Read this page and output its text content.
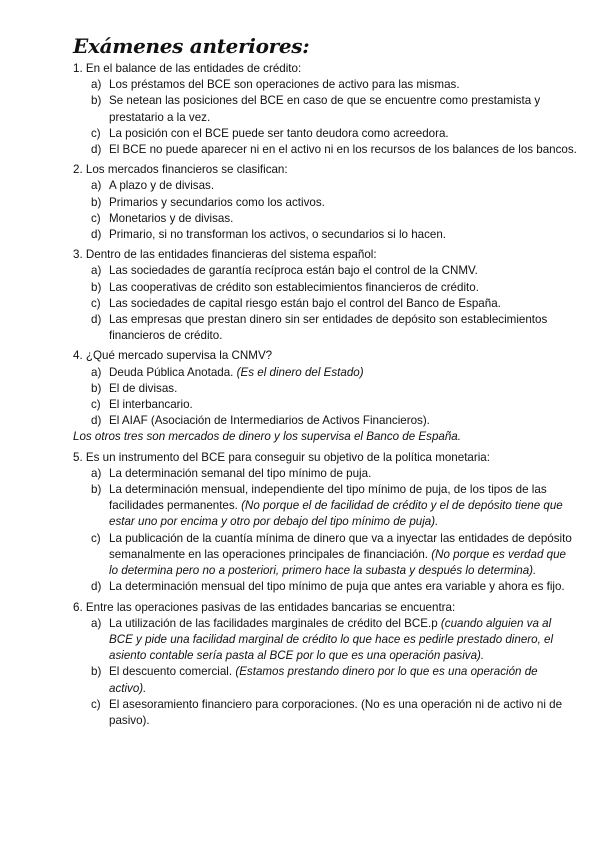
Exámenes anteriores:
1.
En el balance de las entidades de crédito:
a) Los préstamos del BCE son operaciones de activo para las mismas.
b) Se netean las posiciones del BCE en caso de que se encuentre como prestamista y prestatario a la vez.
c) La posición con el BCE puede ser tanto deudora como acreedora.
d) El BCE no puede aparecer ni en el activo ni en los recursos de los balances de los bancos.
2.
Los mercados financieros se clasifican:
a) A plazo y de divisas.
b) Primarios y secundarios como los activos.
c) Monetarios y de divisas.
d) Primario, si no transforman los activos, o secundarios si lo hacen.
3.
Dentro de las entidades financieras del sistema español:
a) Las sociedades de garantía recíproca están bajo el control de la CNMV.
b) Las cooperativas de crédito son establecimientos financieros de crédito.
c) Las sociedades de capital riesgo están bajo el control del Banco de España.
d) Las empresas que prestan dinero sin ser entidades de depósito son establecimientos financieros de crédito.
4.
¿Qué mercado supervisa la CNMV?
a) Deuda Pública Anotada. (Es el dinero del Estado)
b) El de divisas.
c) El interbancario.
d) El AIAF (Asociación de Intermediarios de Activos Financieros).
Los otros tres son mercados de dinero y los supervisa el Banco de España.
5.
Es un instrumento del BCE para conseguir su objetivo de la política monetaria:
a) La determinación semanal del tipo mínimo de puja.
b) La determinación mensual, independiente del tipo mínimo de puja, de los tipos de las facilidades permanentes. (No porque el de facilidad de crédito y el de depósito tiene que estar uno por encima y otro por debajo del tipo mínimo de puja).
c) La publicación de la cuantía mínima de dinero que va a inyectar las entidades de depósito semanalmente en las operaciones principales de financiación. (No porque es verdad que lo determina pero no a posteriori, primero hace la subasta y después lo determina).
d) La determinación mensual del tipo mínimo de puja que antes era variable y ahora es fijo.
6.
Entre las operaciones pasivas de las entidades bancarias se encuentra:
a) La utilización de las facilidades marginales de crédito del BCE.p (cuando alguien va al BCE y pide una facilidad marginal de crédito lo que hace es pedirle prestado dinero, el asiento contable sería pasta al BCE por lo que es una operación pasiva).
b) El descuento comercial. (Estamos prestando dinero por lo que es una operación de activo).
c) El asesoramiento financiero para corporaciones. (No es una operación ni de activo ni de pasivo).
